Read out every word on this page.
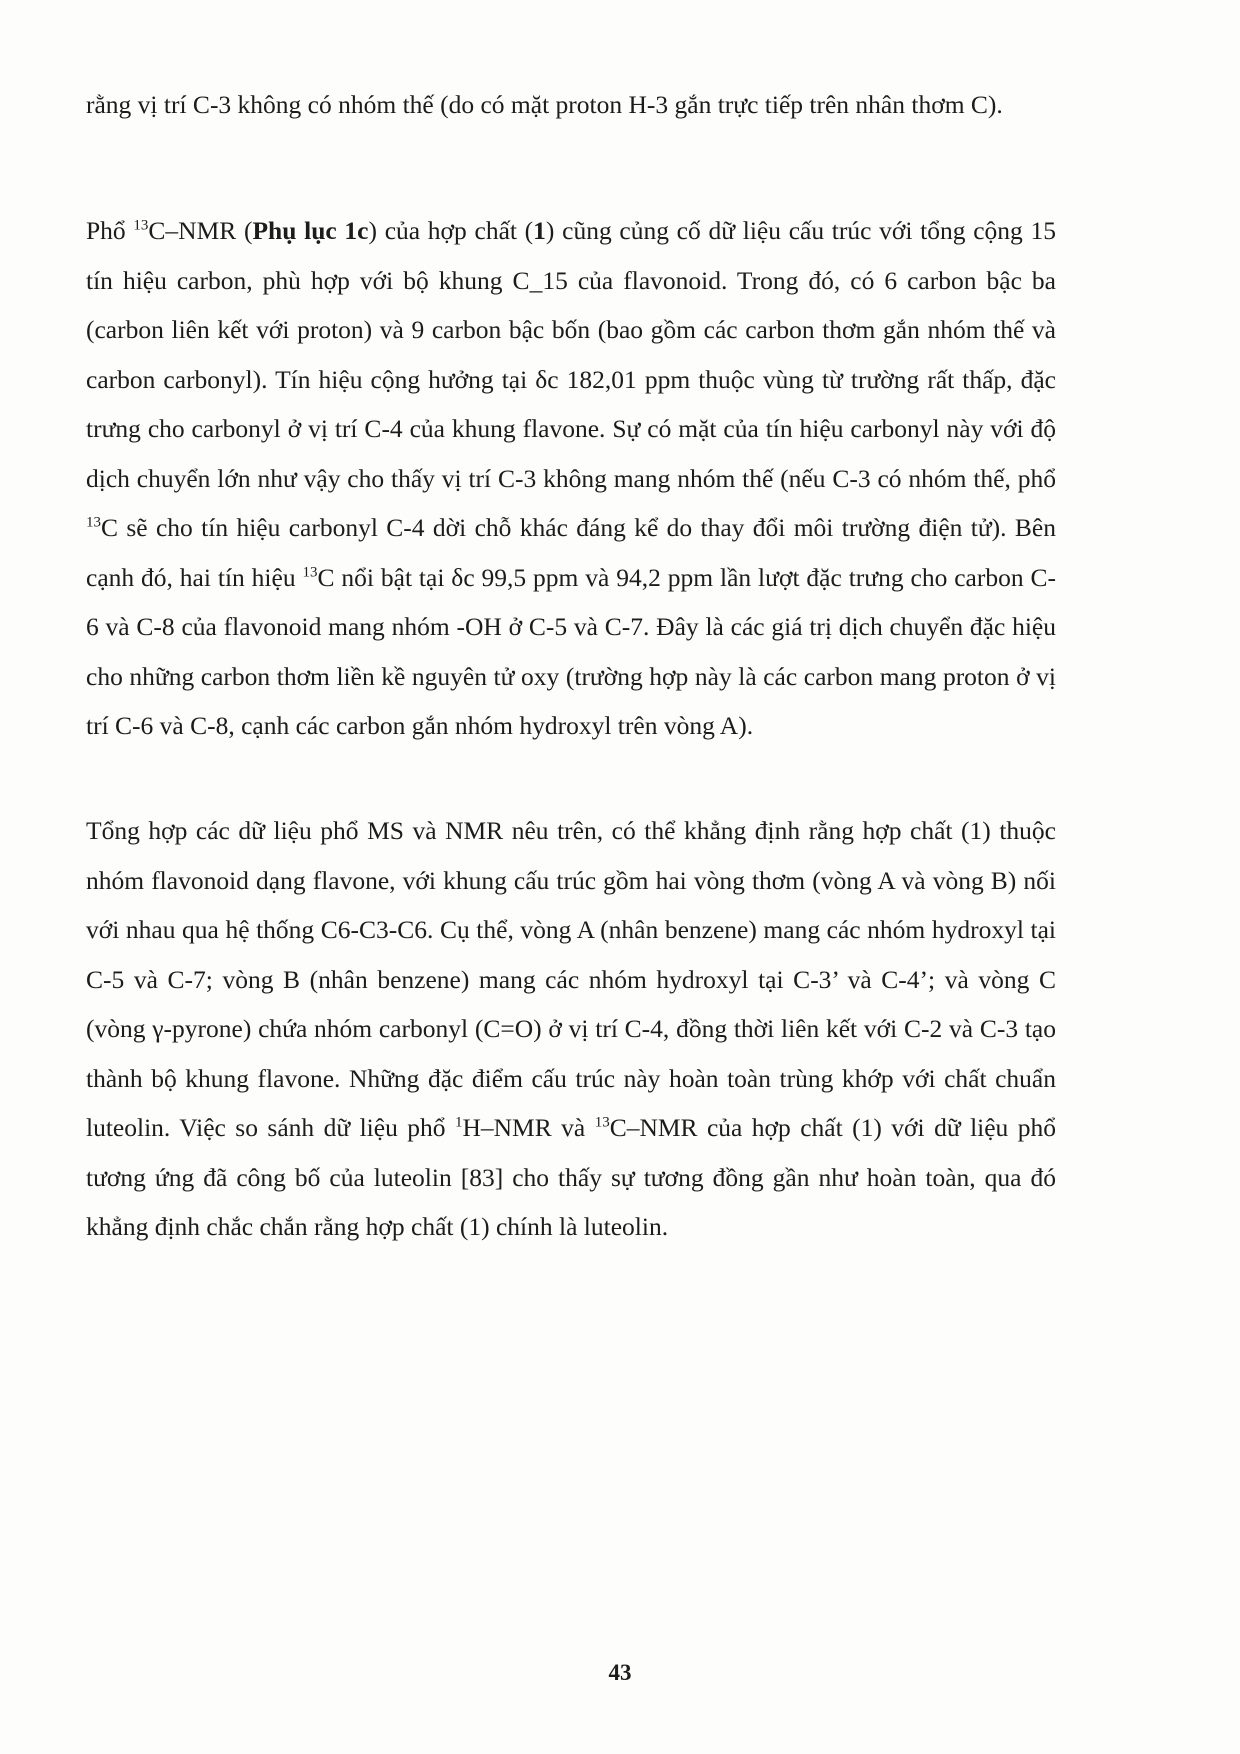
rằng vị trí C-3 không có nhóm thế (do có mặt proton H-3 gắn trực tiếp trên nhân thơm C).

Phổ $^{13}$C–NMR (Phụ lục 1c) của hợp chất (1) cũng củng cố dữ liệu cấu trúc với tổng cộng 15 tín hiệu carbon, phù hợp với bộ khung C_15 của flavonoid. Trong đó, có 6 carbon bậc ba (carbon liên kết với proton) và 9 carbon bậc bốn (bao gồm các carbon thơm gắn nhóm thế và carbon carbonyl). Tín hiệu cộng hưởng tại δc 182,01 ppm thuộc vùng từ trường rất thấp, đặc trưng cho carbonyl ở vị trí C-4 của khung flavone. Sự có mặt của tín hiệu carbonyl này với độ dịch chuyển lớn như vậy cho thấy vị trí C-3 không mang nhóm thế (nếu C-3 có nhóm thế, phổ $^{13}$C sẽ cho tín hiệu carbonyl C-4 dời chỗ khác đáng kể do thay đổi môi trường điện tử). Bên cạnh đó, hai tín hiệu $^{13}$C nổi bật tại δc 99,5 ppm và 94,2 ppm lần lượt đặc trưng cho carbon C-6 và C-8 của flavonoid mang nhóm -OH ở C-5 và C-7. Đây là các giá trị dịch chuyển đặc hiệu cho những carbon thơm liền kề nguyên tử oxy (trường hợp này là các carbon mang proton ở vị trí C-6 và C-8, cạnh các carbon gắn nhóm hydroxyl trên vòng A).

Tổng hợp các dữ liệu phổ MS và NMR nêu trên, có thể khẳng định rằng hợp chất (1) thuộc nhóm flavonoid dạng flavone, với khung cấu trúc gồm hai vòng thơm (vòng A và vòng B) nối với nhau qua hệ thống C6-C3-C6. Cụ thể, vòng A (nhân benzene) mang các nhóm hydroxyl tại C-5 và C-7; vòng B (nhân benzene) mang các nhóm hydroxyl tại C-3’ và C-4’; và vòng C (vòng γ-pyrone) chứa nhóm carbonyl (C=O) ở vị trí C-4, đồng thời liên kết với C-2 và C-3 tạo thành bộ khung flavone. Những đặc điểm cấu trúc này hoàn toàn trùng khớp với chất chuẩn luteolin. Việc so sánh dữ liệu phổ $^1$H–NMR và $^{13}$C–NMR của hợp chất (1) với dữ liệu phổ tương ứng đã công bố của luteolin [83] cho thấy sự tương đồng gần như hoàn toàn, qua đó khẳng định chắc chắn rằng hợp chất (1) chính là luteolin.

43
